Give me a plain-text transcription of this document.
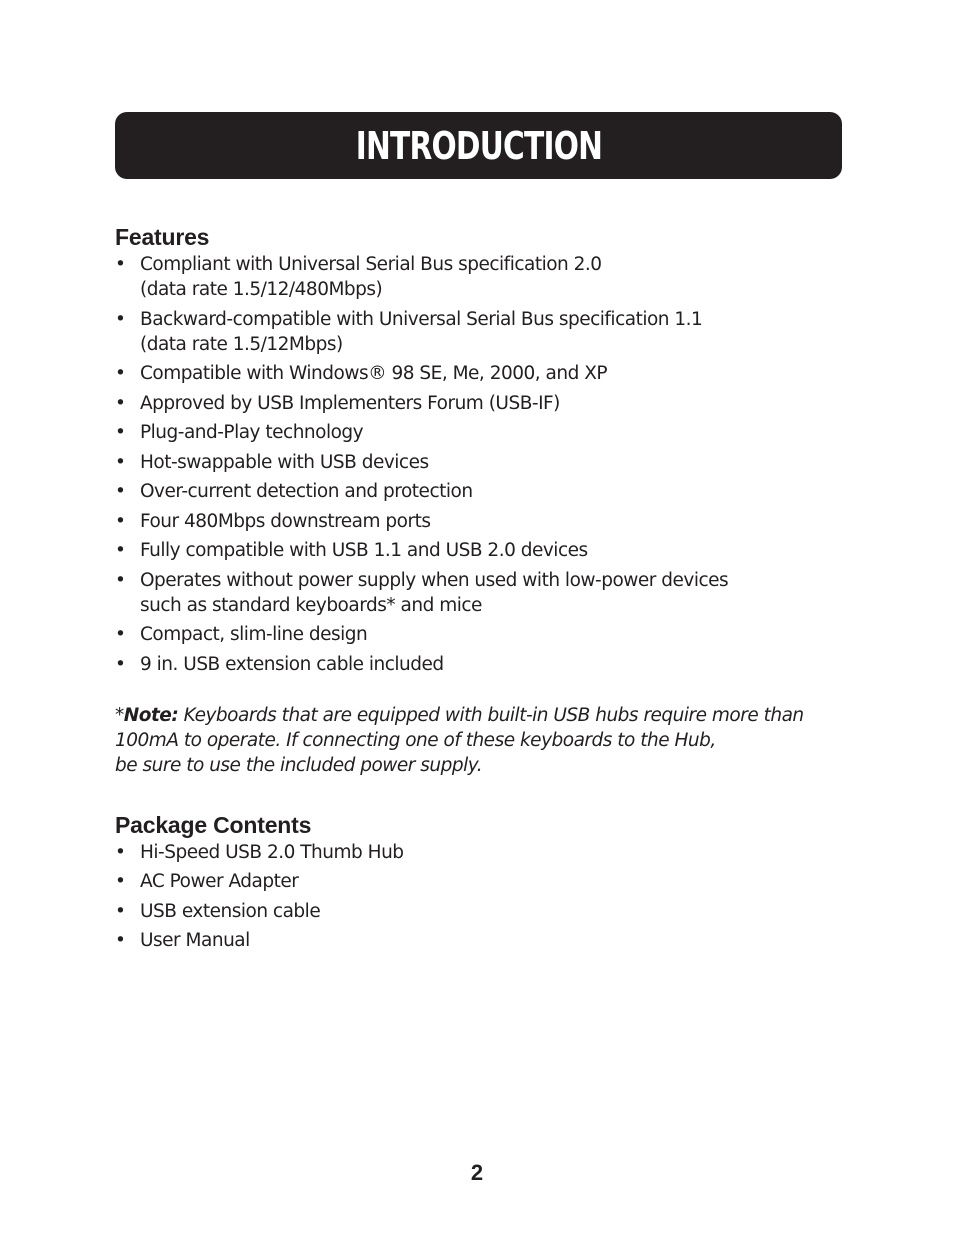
INTRODUCTION
Features
• Compliant with Universal Serial Bus specification 2.0
(data rate 1.5/12/480Mbps)
• Backward-compatible with Universal Serial Bus specification 1.1
(data rate 1.5/12Mbps)
• Compatible with Windows® 98 SE, Me, 2000, and XP
• Approved by USB Implementers Forum (USB-IF)
• Plug-and-Play technology
• Hot-swappable with USB devices
• Over-current detection and protection
• Four 480Mbps downstream ports
• Fully compatible with USB 1.1 and USB 2.0 devices
• Operates without power supply when used with low-power devices
such as standard keyboards* and mice
• Compact, slim-line design
• 9 in. USB extension cable included
*Note: Keyboards that are equipped with built-in USB hubs require more than
100mA to operate. If connecting one of these keyboards to the Hub,
be sure to use the included power supply.
Package Contents
• Hi-Speed USB 2.0 Thumb Hub
• AC Power Adapter
• USB extension cable
• User Manual
2
